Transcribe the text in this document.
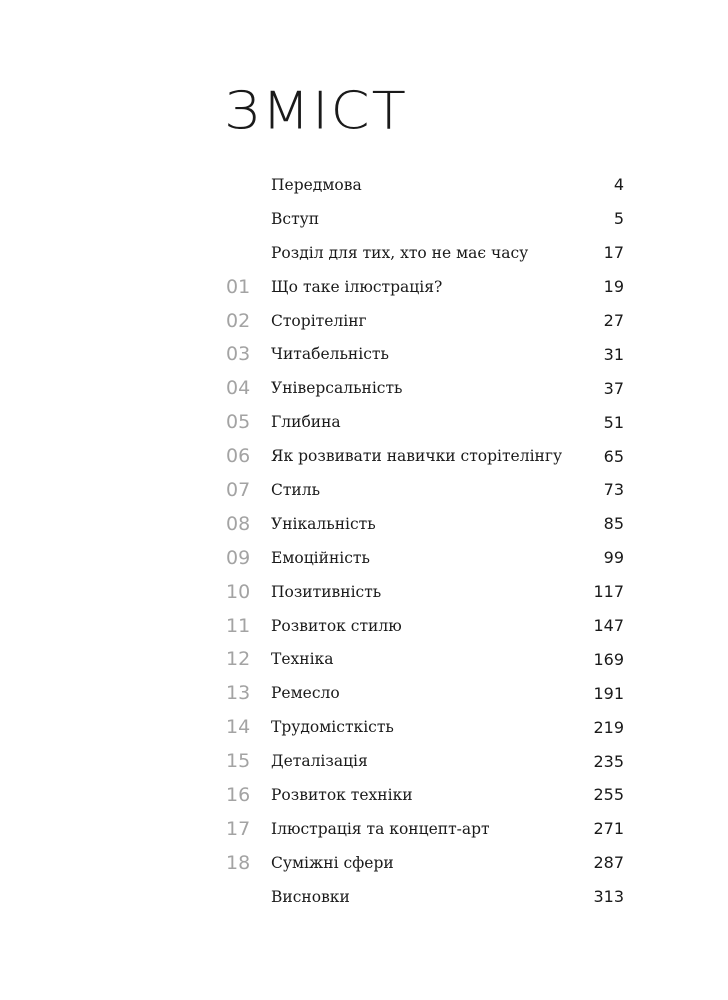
ЗМІСТ
Передмова	4
Вступ	5
Розділ для тих, хто не має часу	17
01	Що таке ілюстрація?	19
02	Сторітелінг	27
03	Читабельність	31
04	Універсальність	37
05	Глибина	51
06	Як розвивати навички сторітелінгу	65
07	Стиль	73
08	Унікальність	85
09	Емоційність	99
10	Позитивність	117
11	Розвиток стилю	147
12	Техніка	169
13	Ремесло	191
14	Трудомісткість	219
15	Деталізація	235
16	Розвиток техніки	255
17	Ілюстрація та концепт-арт	271
18	Суміжні сфери	287
Висновки	313
